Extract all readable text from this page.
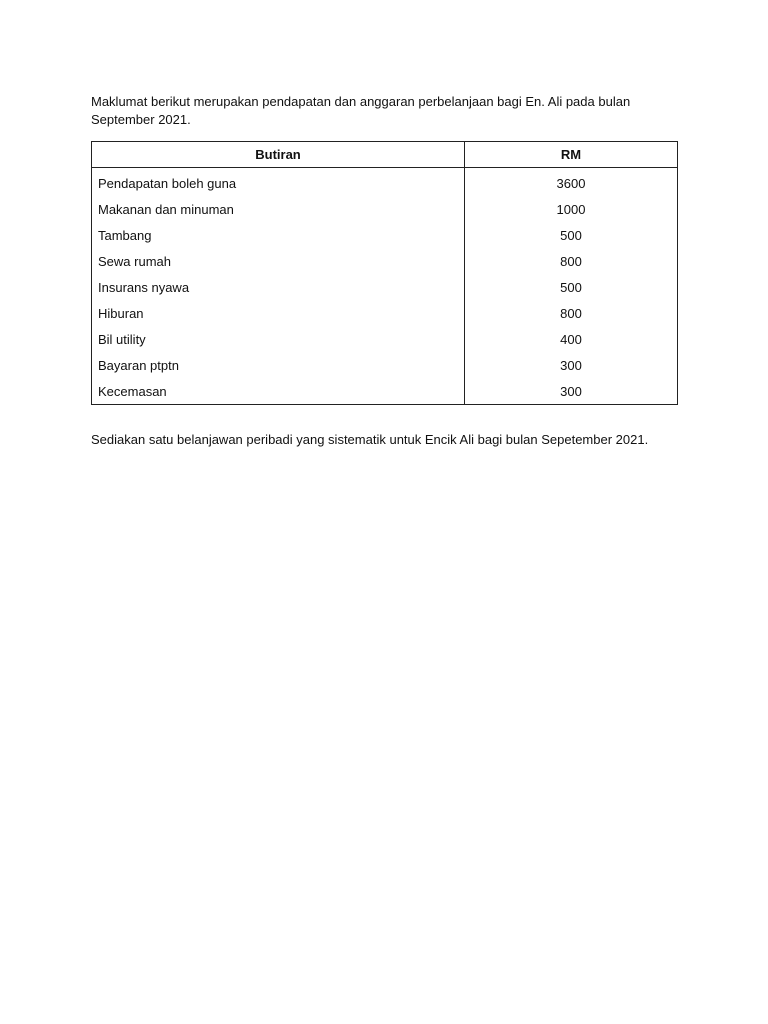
Maklumat berikut merupakan pendapatan dan anggaran perbelanjaan bagi En. Ali pada bulan September 2021.

Butiran	RM
Pendapatan boleh guna	3600
Makanan dan minuman	1000
Tambang	500
Sewa rumah	800
Insurans nyawa	500
Hiburan	800
Bil utility	400
Bayaran ptptn	300
Kecemasan	300

Sediakan satu belanjawan peribadi yang sistematik untuk Encik Ali bagi bulan Sepetember 2021.
